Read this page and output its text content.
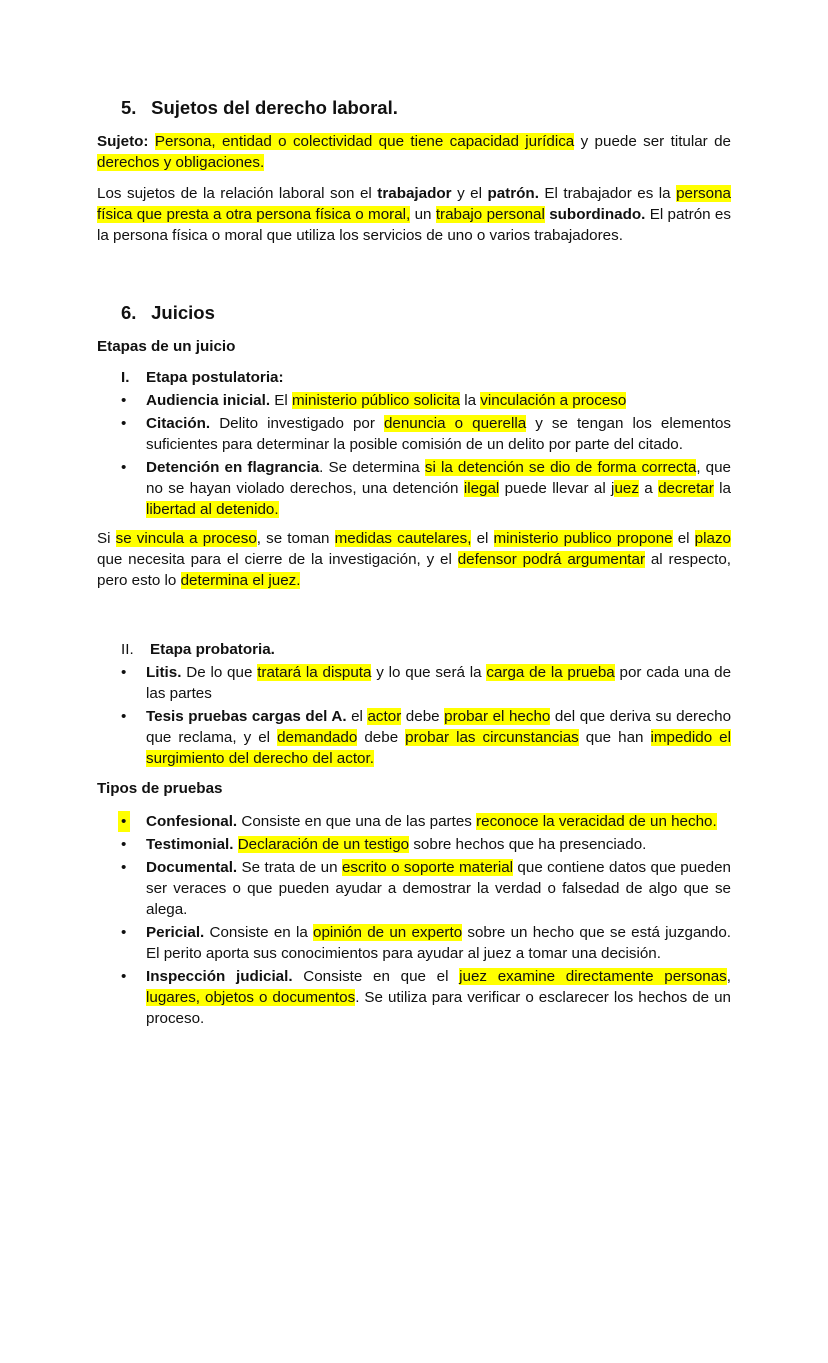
5. Sujetos del derecho laboral.
Sujeto: Persona, entidad o colectividad que tiene capacidad jurídica y puede ser titular de derechos y obligaciones.
Los sujetos de la relación laboral son el trabajador y el patrón. El trabajador es la persona física que presta a otra persona física o moral, un trabajo personal subordinado. El patrón es la persona física o moral que utiliza los servicios de uno o varios trabajadores.
6. Juicios
Etapas de un juicio
I. Etapa postulatoria:
• Audiencia inicial. El ministerio público solicita la vinculación a proceso
• Citación. Delito investigado por denuncia o querella y se tengan los elementos suficientes para determinar la posible comisión de un delito por parte del citado.
• Detención en flagrancia. Se determina si la detención se dio de forma correcta, que no se hayan violado derechos, una detención ilegal puede llevar al juez a decretar la libertad al detenido.
Si se vincula a proceso, se toman medidas cautelares, el ministerio publico propone el plazo que necesita para el cierre de la investigación, y el defensor podrá argumentar al respecto, pero esto lo determina el juez.
II. Etapa probatoria.
• Litis. De lo que tratará la disputa y lo que será la carga de la prueba por cada una de las partes
• Tesis pruebas cargas del A. el actor debe probar el hecho del que deriva su derecho que reclama, y el demandado debe probar las circunstancias que han impedido el surgimiento del derecho del actor.
Tipos de pruebas
• Confesional. Consiste en que una de las partes reconoce la veracidad de un hecho.
• Testimonial. Declaración de un testigo sobre hechos que ha presenciado.
• Documental. Se trata de un escrito o soporte material que contiene datos que pueden ser veraces o que pueden ayudar a demostrar la verdad o falsedad de algo que se alega.
• Pericial. Consiste en la opinión de un experto sobre un hecho que se está juzgando. El perito aporta sus conocimientos para ayudar al juez a tomar una decisión.
• Inspección judicial. Consiste en que el juez examine directamente personas, lugares, objetos o documentos. Se utiliza para verificar o esclarecer los hechos de un proceso.
